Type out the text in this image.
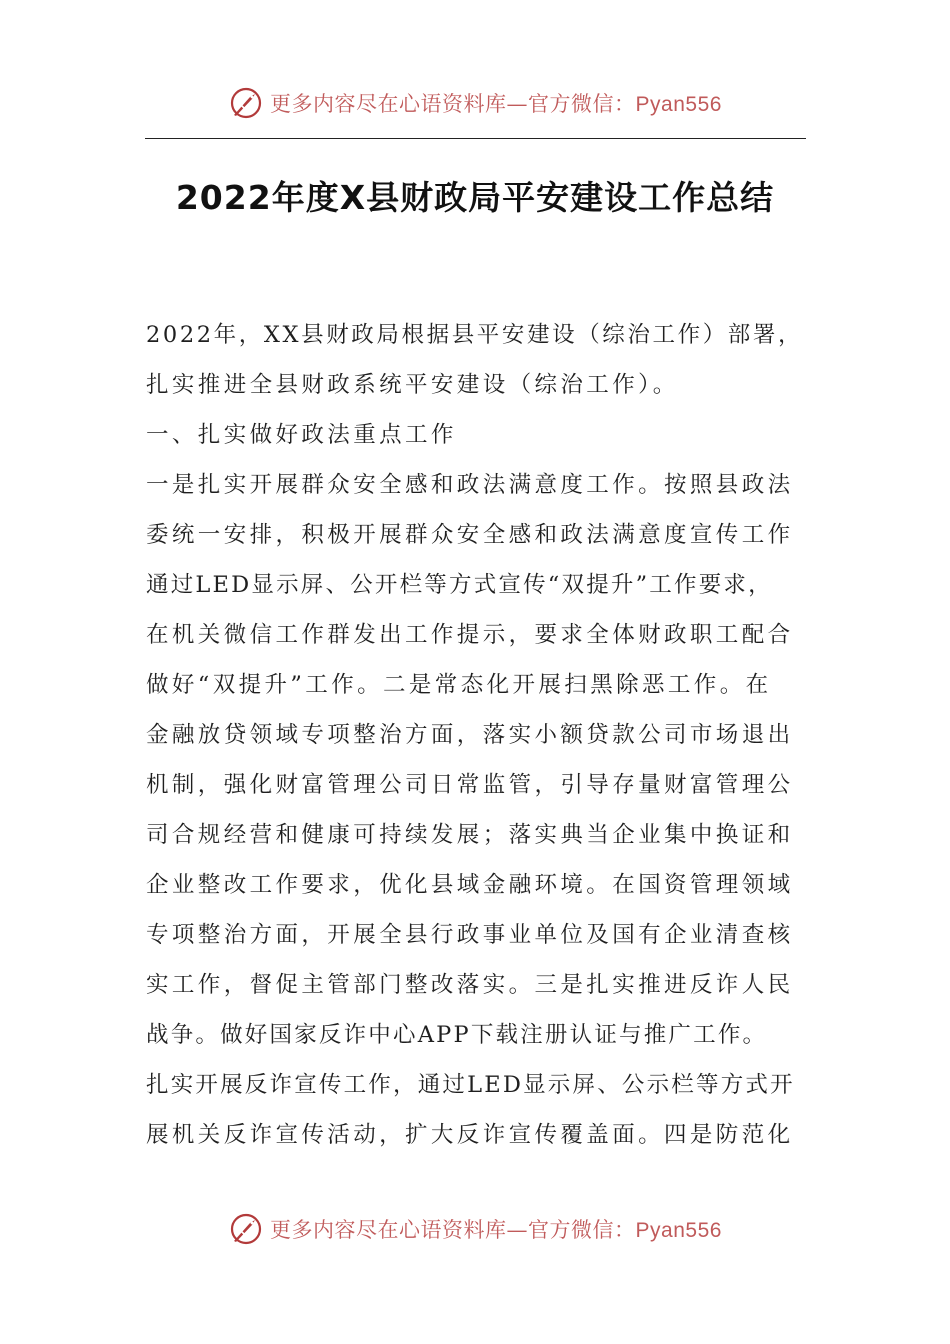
更多内容尽在心语资料库—官方微信：Pyan556
2022年度X县财政局平安建设工作总结
2022年，XX县财政局根据县平安建设（综治工作）部署，
扎实推进全县财政系统平安建设（综治工作）。
一、扎实做好政法重点工作
一是扎实开展群众安全感和政法满意度工作。按照县政法
委统一安排，积极开展群众安全感和政法满意度宣传工作
通过LED显示屏、公开栏等方式宣传“双提升”工作要求，
在机关微信工作群发出工作提示，要求全体财政职工配合
做好“双提升”工作。二是常态化开展扫黑除恶工作。在
金融放贷领域专项整治方面，落实小额贷款公司市场退出
机制，强化财富管理公司日常监管，引导存量财富管理公
司合规经营和健康可持续发展；落实典当企业集中换证和
企业整改工作要求，优化县域金融环境。在国资管理领域
专项整治方面，开展全县行政事业单位及国有企业清查核
实工作，督促主管部门整改落实。三是扎实推进反诈人民
战争。做好国家反诈中心APP下载注册认证与推广工作。
扎实开展反诈宣传工作，通过LED显示屏、公示栏等方式开
展机关反诈宣传活动，扩大反诈宣传覆盖面。四是防范化
更多内容尽在心语资料库—官方微信：Pyan556
